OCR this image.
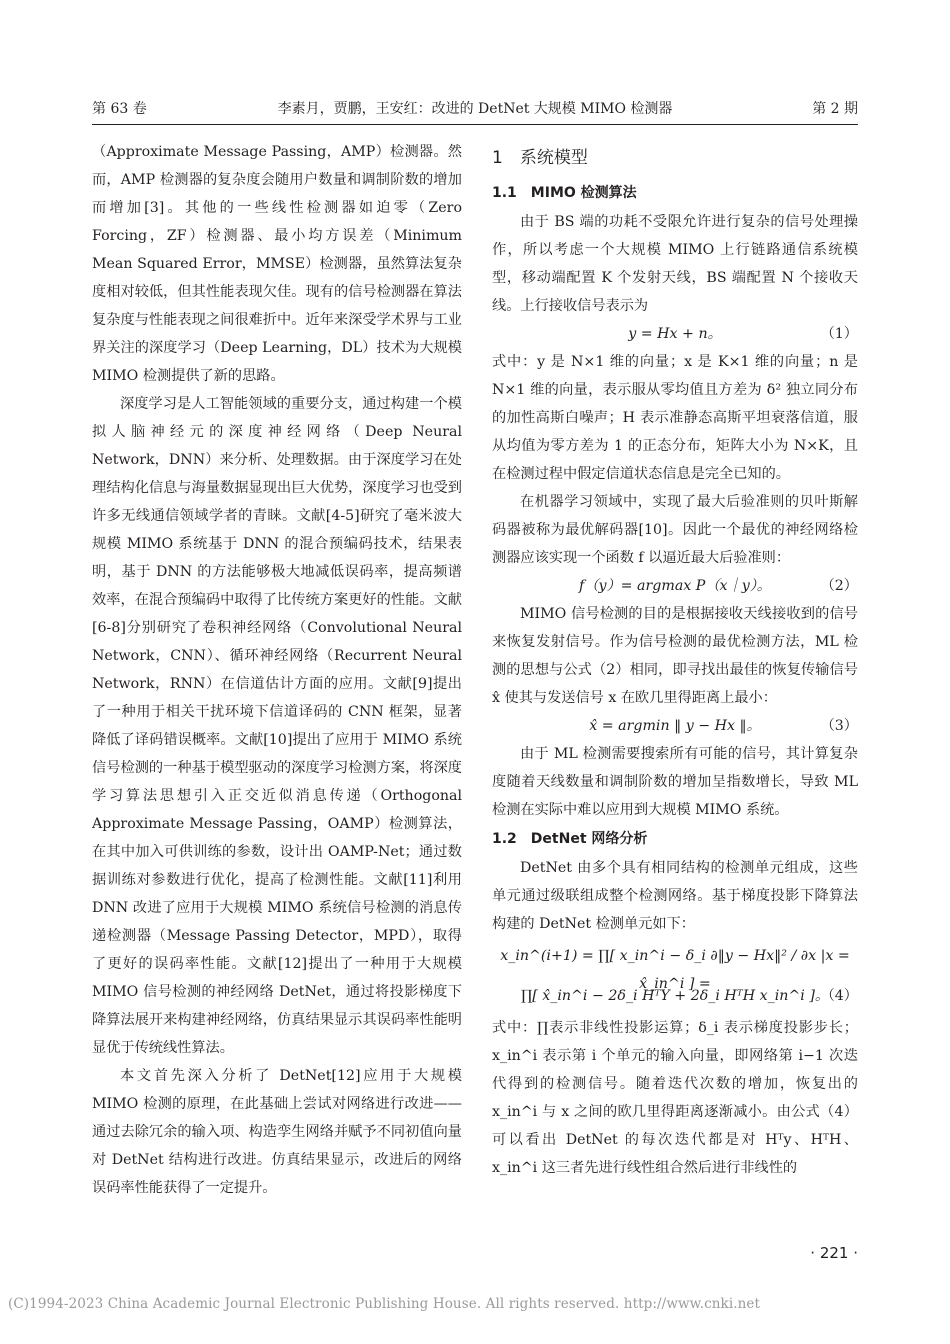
第 63 卷	李素月，贾鹏，王安红：改进的 DetNet 大规模 MIMO 检测器	第 2 期

（Approximate Message Passing，AMP）检测器。然而，AMP 检测器的复杂度会随用户数量和调制阶数的增加而增加[3]。其他的一些线性检测器如迫零（Zero Forcing，ZF）检测器、最小均方误差（Minimum Mean Squared Error，MMSE）检测器，虽然算法复杂度相对较低，但其性能表现欠佳。现有的信号检测器在算法复杂度与性能表现之间很难折中。近年来深受学术界与工业界关注的深度学习（Deep Learning，DL）技术为大规模 MIMO 检测提供了新的思路。

深度学习是人工智能领域的重要分支，通过构建一个模拟人脑神经元的深度神经网络（Deep Neural Network，DNN）来分析、处理数据。由于深度学习在处理结构化信息与海量数据显现出巨大优势，深度学习也受到许多无线通信领域学者的青睐。文献[4-5]研究了毫米波大规模 MIMO 系统基于 DNN 的混合预编码技术，结果表明，基于 DNN 的方法能够极大地减低误码率，提高频谱效率，在混合预编码中取得了比传统方案更好的性能。文献[6-8]分别研究了卷积神经网络（Convolutional Neural Network，CNN）、循环神经网络（Recurrent Neural Network，RNN）在信道估计方面的应用。文献[9]提出了一种用于相关干扰环境下信道译码的 CNN 框架，显著降低了译码错误概率。文献[10]提出了应用于 MIMO 系统信号检测的一种基于模型驱动的深度学习检测方案，将深度学习算法思想引入正交近似消息传递（Orthogonal Approximate Message Passing，OAMP）检测算法，在其中加入可供训练的参数，设计出 OAMP-Net；通过数据训练对参数进行优化，提高了检测性能。文献[11]利用 DNN 改进了应用于大规模 MIMO 系统信号检测的消息传递检测器（Message Passing Detector，MPD），取得了更好的误码率性能。文献[12]提出了一种用于大规模 MIMO 信号检测的神经网络 DetNet，通过将投影梯度下降算法展开来构建神经网络，仿真结果显示其误码率性能明显优于传统线性算法。

本文首先深入分析了 DetNet[12]应用于大规模 MIMO 检测的原理，在此基础上尝试对网络进行改进——通过去除冗余的输入项、构造孪生网络并赋予不同初值向量对 DetNet 结构进行改进。仿真结果显示，改进后的网络误码率性能获得了一定提升。

1　系统模型

1.1　MIMO 检测算法

由于 BS 端的功耗不受限允许进行复杂的信号处理操作，所以考虑一个大规模 MIMO 上行链路通信系统模型，移动端配置 K 个发射天线，BS 端配置 N 个接收天线。上行接收信号表示为

y = Hx + n。	（1）

式中：y 是 N×1 维的向量；x 是 K×1 维的向量；n 是 N×1 维的向量，表示服从零均值且方差为 δ² 独立同分布的加性高斯白噪声；H 表示准静态高斯平坦衰落信道，服从均值为零方差为 1 的正态分布，矩阵大小为 N×K，且在检测过程中假定信道状态信息是完全已知的。

在机器学习领域中，实现了最大后验准则的贝叶斯解码器被称为最优解码器[10]。因此一个最优的神经网络检测器应该实现一个函数 f 以逼近最大后验准则：

f（y）= argmax P（x｜y）。	（2）

MIMO 信号检测的目的是根据接收天线接收到的信号来恢复发射信号。作为信号检测的最优检测方法，ML 检测的思想与公式（2）相同，即寻找出最佳的恢复传输信号 x̂ 使其与发送信号 x 在欧几里得距离上最小：

x̂ = argmin ‖ y − Hx ‖。	（3）

由于 ML 检测需要搜索所有可能的信号，其计算复杂度随着天线数量和调制阶数的增加呈指数增长，导致 ML 检测在实际中难以应用到大规模 MIMO 系统。

1.2　DetNet 网络分析

DetNet 由多个具有相同结构的检测单元组成，这些单元通过级联组成整个检测网络。基于梯度投影下降算法构建的 DetNet 检测单元如下：

x_in^(i+1) = ∏[ x_in^i − δ_i ∂‖y − Hx‖² / ∂x |x = x̂_in^i ] =
∏[ x̂_in^i − 2δ_i HᵀY + 2δ_i HᵀH x_in^i ]。
（4）

式中：∏表示非线性投影运算；δ_i 表示梯度投影步长；x_in^i 表示第 i 个单元的输入向量，即网络第 i−1 次迭代得到的检测信号。随着迭代次数的增加，恢复出的 x_in^i 与 x 之间的欧几里得距离逐渐减小。由公式（4）可以看出 DetNet 的每次迭代都是对 Hᵀy、HᵀH、x_in^i 这三者先进行线性组合然后进行非线性的

· 221 ·
(C)1994-2023 China Academic Journal Electronic Publishing House. All rights reserved. http://www.cnki.net
